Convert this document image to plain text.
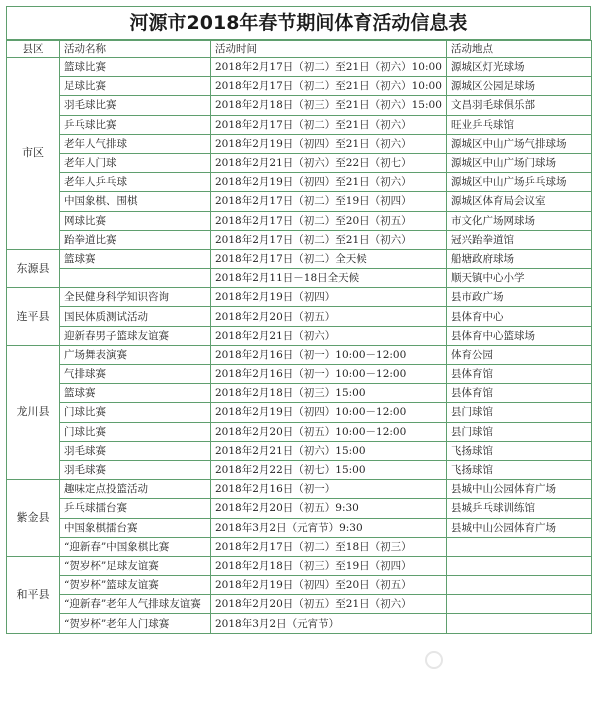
河源市2018年春节期间体育活动信息表
县区	活动名称	活动时间	活动地点
市区	篮球比赛	2018年2月17日（初二）至21日（初六）10:00	源城区灯光球场
	足球比赛	2018年2月17日（初二）至21日（初六）10:00	源城区公园足球场
	羽毛球比赛	2018年2月18日（初三）至21日（初六）15:00	文昌羽毛球俱乐部
	乒乓球比赛	2018年2月17日（初二）至21日（初六）	旺业乒乓球馆
	老年人气排球	2018年2月19日（初四）至21日（初六）	源城区中山广场气排球场
	老年人门球	2018年2月21日（初六）至22日（初七）	源城区中山广场门球场
	老年人乒乓球	2018年2月19日（初四）至21日（初六）	源城区中山广场乒乓球场
	中国象棋、围棋	2018年2月17日（初二）至19日（初四）	源城区体育局会议室
	网球比赛	2018年2月17日（初二）至20日（初五）	市文化广场网球场
	跆拳道比赛	2018年2月17日（初二）至21日（初六）	冠兴跆拳道馆
东源县	篮球赛	2018年2月17日（初二）全天候	船塘政府球场
		2018年2月11日－18日全天候	顺天镇中心小学
连平县	全民健身科学知识咨询	2018年2月19日（初四）	县市政广场
	国民体质测试活动	2018年2月20日（初五）	县体育中心
	迎新春男子篮球友谊赛	2018年2月21日（初六）	县体育中心篮球场
龙川县	广场舞表演赛	2018年2月16日（初一）10:00－12:00	体育公园
	气排球赛	2018年2月16日（初一）10:00－12:00	县体育馆
	篮球赛	2018年2月18日（初三）15:00	县体育馆
	门球比赛	2018年2月19日（初四）10:00－12:00	县门球馆
	门球比赛	2018年2月20日（初五）10:00－12:00	县门球馆
	羽毛球赛	2018年2月21日（初六）15:00	飞扬球馆
	羽毛球赛	2018年2月22日（初七）15:00	飞扬球馆
紫金县	趣味定点投篮活动	2018年2月16日（初一）	县城中山公园体育广场
	乒乓球擂台赛	2018年2月20日（初五）9:30	县城乒乓球训练馆
	中国象棋擂台赛	2018年3月2日（元宵节）9:30	县城中山公园体育广场
	“迎新春”中国象棋比赛	2018年2月17日（初二）至18日（初三）	
和平县	“贺岁杯”足球友谊赛	2018年2月18日（初三）至19日（初四）	
	“贺岁杯”篮球友谊赛	2018年2月19日（初四）至20日（初五）	
	“迎新春”老年人气排球友谊赛	2018年2月20日（初五）至21日（初六）	
	“贺岁杯”老年人门球赛	2018年3月2日（元宵节）	
